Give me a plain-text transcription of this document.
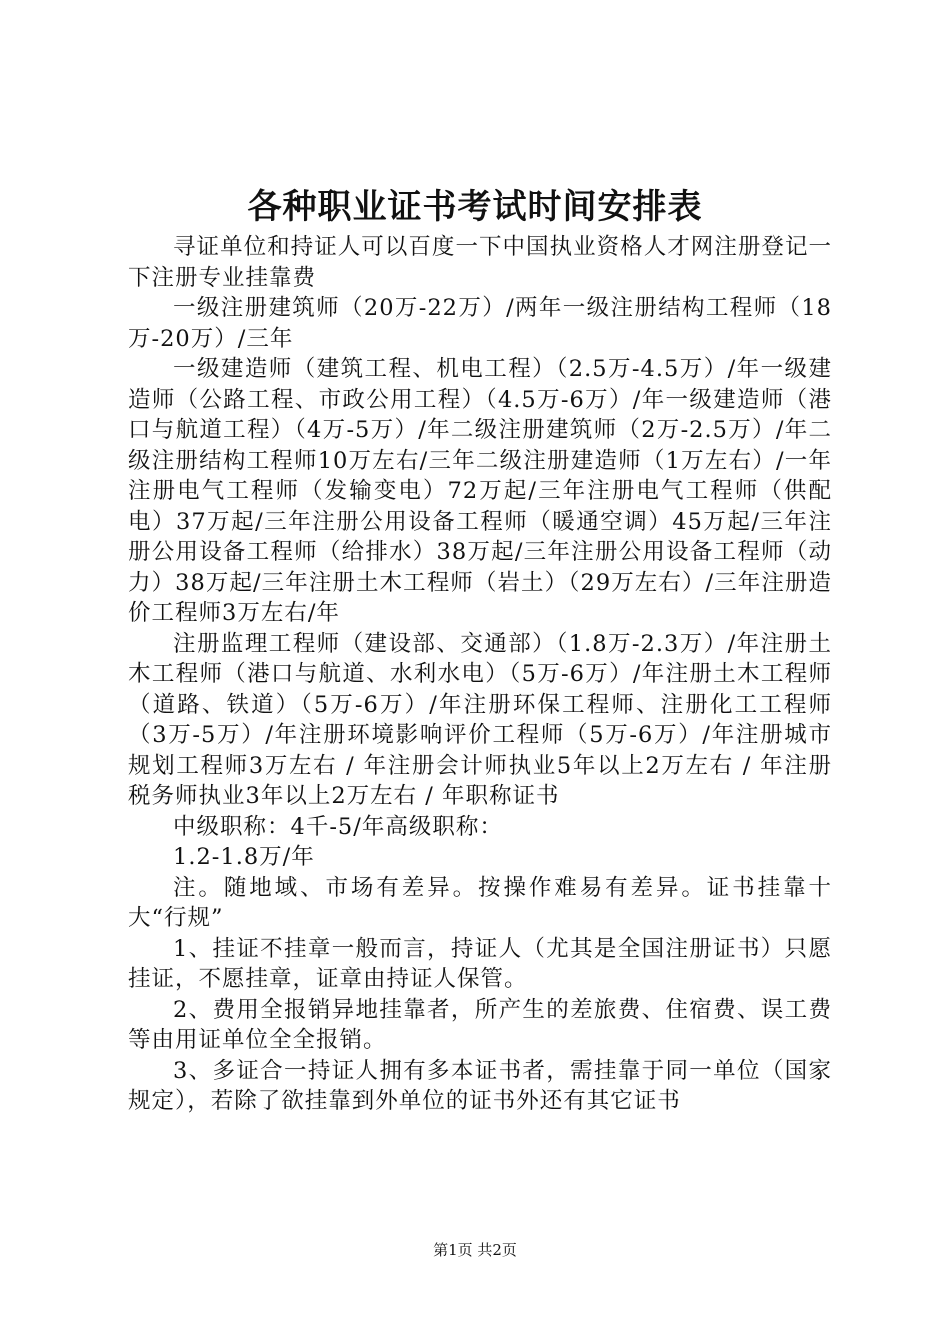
各种职业证书考试时间安排表

寻证单位和持证人可以百度一下中国执业资格人才网注册登记一下注册专业挂靠费

一级注册建筑师（20万-22万）/两年一级注册结构工程师（18万-20万）/三年

一级建造师（建筑工程、机电工程）（2.5万-4.5万）/年一级建造师（公路工程、市政公用工程）（4.5万-6万）/年一级建造师（港口与航道工程）（4万-5万）/年二级注册建筑师（2万-2.5万）/年二级注册结构工程师10万左右/三年二级注册建造师（1万左右）/一年注册电气工程师（发输变电）72万起/三年注册电气工程师（供配电）37万起/三年注册公用设备工程师（暖通空调）45万起/三年注册公用设备工程师（给排水）38万起/三年注册公用设备工程师（动力）38万起/三年注册土木工程师（岩土）（29万左右）/三年注册造价工程师3万左右/年

注册监理工程师（建设部、交通部）（1.8万-2.3万）/年注册土木工程师（港口与航道、水利水电）（5万-6万）/年注册土木工程师（道路、铁道）（5万-6万）/年注册环保工程师、注册化工工程师（3万-5万）/年注册环境影响评价工程师（5万-6万）/年注册城市规划工程师3万左右 / 年注册会计师执业5年以上2万左右 / 年注册税务师执业3年以上2万左右 / 年职称证书

中级职称：4千-5/年高级职称：

1.2-1.8万/年

注。随地域、市场有差异。按操作难易有差异。证书挂靠十大“行规”

1、挂证不挂章一般而言，持证人（尤其是全国注册证书）只愿挂证，不愿挂章，证章由持证人保管。

2、费用全报销异地挂靠者，所产生的差旅费、住宿费、误工费等由用证单位全全报销。

3、多证合一持证人拥有多本证书者，需挂靠于同一单位（国家规定），若除了欲挂靠到外单位的证书外还有其它证书

第1页 共2页
